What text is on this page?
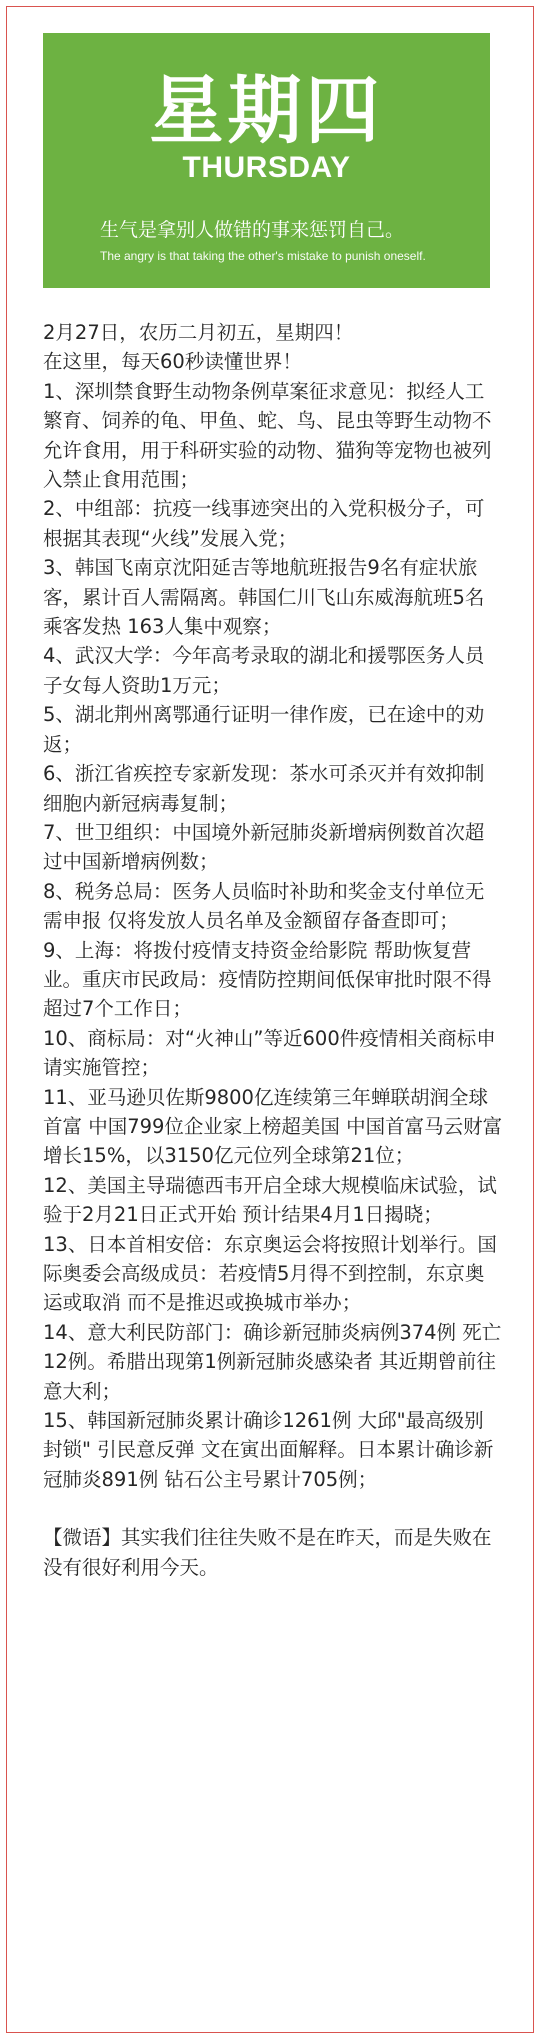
星期四
THURSDAY
生气是拿别人做错的事来惩罚自己。
The angry is that taking the other's mistake to punish oneself.

2月27日，农历二月初五，星期四！

在这里，每天60秒读懂世界！

1、深圳禁食野生动物条例草案征求意见：拟经人工繁育、饲养的龟、甲鱼、蛇、鸟、昆虫等野生动物不允许食用，用于科研实验的动物、猫狗等宠物也被列入禁止食用范围；

2、中组部：抗疫一线事迹突出的入党积极分子，可根据其表现“火线”发展入党；

3、韩国飞南京沈阳延吉等地航班报告9名有症状旅客，累计百人需隔离。韩国仁川飞山东威海航班5名乘客发热 163人集中观察；

4、武汉大学：今年高考录取的湖北和援鄂医务人员子女每人资助1万元；

5、湖北荆州离鄂通行证明一律作废，已在途中的劝返；

6、浙江省疾控专家新发现：茶水可杀灭并有效抑制细胞内新冠病毒复制；

7、世卫组织：中国境外新冠肺炎新增病例数首次超过中国新增病例数；

8、税务总局：医务人员临时补助和奖金支付单位无需申报 仅将发放人员名单及金额留存备查即可；

9、上海：将拨付疫情支持资金给影院 帮助恢复营业。重庆市民政局：疫情防控期间低保审批时限不得超过7个工作日；

10、商标局：对“火神山”等近600件疫情相关商标申请实施管控；

11、亚马逊贝佐斯9800亿连续第三年蝉联胡润全球首富 中国799位企业家上榜超美国 中国首富马云财富增长15%，以3150亿元位列全球第21位；

12、美国主导瑞德西韦开启全球大规模临床试验，试验于2月21日正式开始 预计结果4月1日揭晓；

13、日本首相安倍：东京奥运会将按照计划举行。国际奥委会高级成员：若疫情5月得不到控制，东京奥运或取消 而不是推迟或换城市举办；

14、意大利民防部门：确诊新冠肺炎病例374例 死亡12例。希腊出现第1例新冠肺炎感染者 其近期曾前往意大利；

15、韩国新冠肺炎累计确诊1261例 大邱"最高级别封锁" 引民意反弹 文在寅出面解释。日本累计确诊新冠肺炎891例 钻石公主号累计705例；

【微语】其实我们往往失败不是在昨天，而是失败在没有很好利用今天。
